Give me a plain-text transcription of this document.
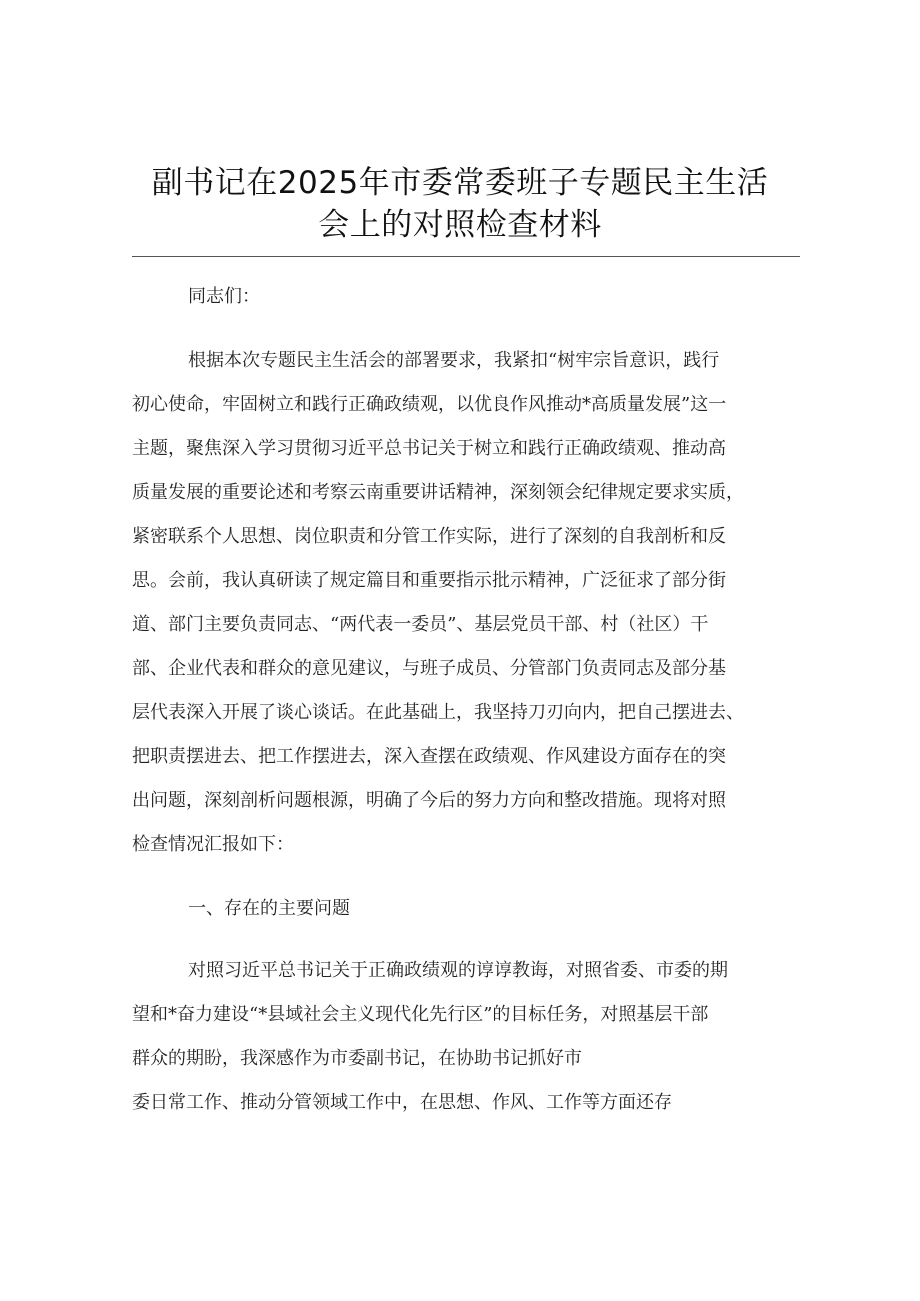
副书记在2025年市委常委班子专题民主生活
会上的对照检查材料

同志们：

根据本次专题民主生活会的部署要求，我紧扣“树牢宗旨意识，践行

初心使命，牢固树立和践行正确政绩观，以优良作风推动*高质量发展”这一

主题，聚焦深入学习贯彻习近平总书记关于树立和践行正确政绩观、推动高

质量发展的重要论述和考察云南重要讲话精神，深刻领会纪律规定要求实质，

紧密联系个人思想、岗位职责和分管工作实际，进行了深刻的自我剖析和反

思。会前，我认真研读了规定篇目和重要指示批示精神，广泛征求了部分街

道、部门主要负责同志、“两代表一委员”、基层党员干部、村（社区）干

部、企业代表和群众的意见建议，与班子成员、分管部门负责同志及部分基

层代表深入开展了谈心谈话。在此基础上，我坚持刀刃向内，把自己摆进去、

把职责摆进去、把工作摆进去，深入查摆在政绩观、作风建设方面存在的突

出问题，深刻剖析问题根源，明确了今后的努力方向和整改措施。现将对照

检查情况汇报如下：

一、存在的主要问题

对照习近平总书记关于正确政绩观的谆谆教诲，对照省委、市委的期

望和*奋力建设“*县域社会主义现代化先行区”的目标任务，对照基层干部

群众的期盼，我深感作为市委副书记，在协助书记抓好市

委日常工作、推动分管领域工作中，在思想、作风、工作等方面还存
